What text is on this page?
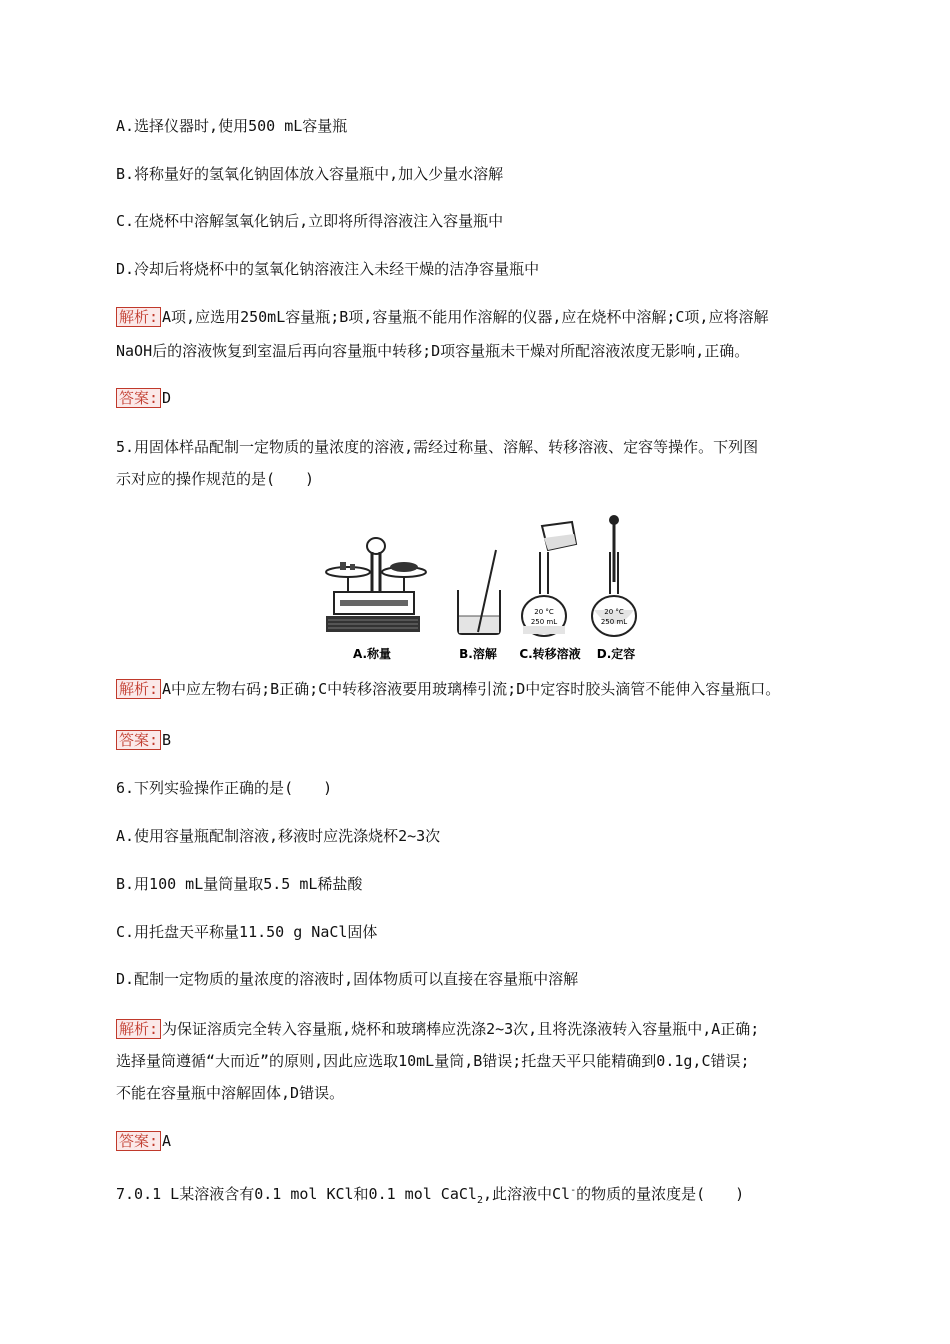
A.选择仪器时,使用500 mL容量瓶
B.将称量好的氢氧化钠固体放入容量瓶中,加入少量水溶解
C.在烧杯中溶解氢氧化钠后,立即将所得溶液注入容量瓶中
D.冷却后将烧杯中的氢氧化钠溶液注入未经干燥的洁净容量瓶中
解析: A项,应选用250mL容量瓶;B项,容量瓶不能用作溶解的仪器,应在烧杯中溶解;C项,应将溶解
NaOH后的溶液恢复到室温后再向容量瓶中转移;D项容量瓶未干燥对所配溶液浓度无影响,正确。
答案: D
5.用固体样品配制一定物质的量浓度的溶液,需经过称量、溶解、转移溶液、定容等操作。下列图
示对应的操作规范的是(　　)
20 °C
250 mL
20 °C
250 mL
A.称量	B.溶解 C.转移溶液 D.定容
解析: A中应左物右码;B正确;C中转移溶液要用玻璃棒引流;D中定容时胶头滴管不能伸入容量瓶口。
答案: B
6.下列实验操作正确的是(　　)
A.使用容量瓶配制溶液,移液时应洗涤烧杯2~3次
B.用100 mL量筒量取5.5 mL稀盐酸
C.用托盘天平称量11.50 g NaCl固体
D.配制一定物质的量浓度的溶液时,固体物质可以直接在容量瓶中溶解
解析: 为保证溶质完全转入容量瓶,烧杯和玻璃棒应洗涤2~3次,且将洗涤液转入容量瓶中,A正确;
选择量筒遵循“大而近”的原则,因此应选取10mL量筒,B错误;托盘天平只能精确到0.1g,C错误;
不能在容量瓶中溶解固体,D错误。
答案: A
7.0.1 L某溶液含有0.1 mol KCl和0.1 mol CaCl$_2$,此溶液中Cl-的物质的量浓度是(　　)
